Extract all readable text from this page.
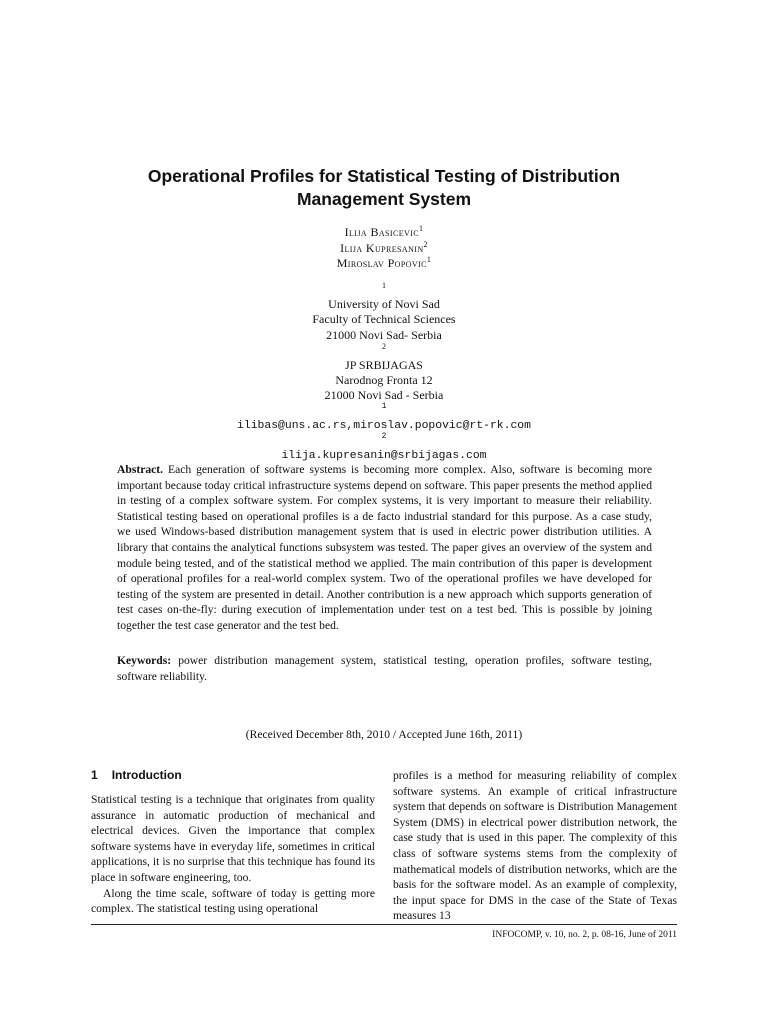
Operational Profiles for Statistical Testing of Distribution Management System
Ilija Basicevic$^1$
Ilija Kupresanin$^2$
Miroslav Popovic$^1$
$^1$
University of Novi Sad
Faculty of Technical Sciences
21000 Novi Sad- Serbia
$^2$
JP SRBIJAGAS
Narodnog Fronta 12
21000 Novi Sad - Serbia
$^1$
ilibas@uns.ac.rs,miroslav.popovic@rt-rk.com
$^2$
ilija.kupresanin@srbijagas.com

Abstract. Each generation of software systems is becoming more complex. Also, software is becoming more important because today critical infrastructure systems depend on software. This paper presents the method applied in testing of a complex software system. For complex systems, it is very important to measure their reliability. Statistical testing based on operational profiles is a de facto industrial standard for this purpose. As a case study, we used Windows-based distribution management system that is used in electric power distribution utilities. A library that contains the analytical functions subsystem was tested. The paper gives an overview of the system and module being tested, and of the statistical method we applied. The main contribution of this paper is development of operational profiles for a real-world complex system. Two of the operational profiles we have developed for testing of the system are presented in detail. Another contribution is a new approach which supports generation of test cases on-the-fly: during execution of implementation under test on a test bed. This is possible by joining together the test case generator and the test bed.

Keywords: power distribution management system, statistical testing, operation profiles, software testing, software reliability.

(Received December 8th, 2010 / Accepted June 16th, 2011)

1 Introduction

Statistical testing is a technique that originates from quality assurance in automatic production of mechanical and electrical devices. Given the importance that complex software systems have in everyday life, sometimes in critical applications, it is no surprise that this technique has found its place in software engineering, too.

Along the time scale, software of today is getting more complex. The statistical testing using operational

profiles is a method for measuring reliability of complex software systems. An example of critical infrastructure system that depends on software is Distribution Management System (DMS) in electrical power distribution network, the case study that is used in this paper. The complexity of this class of software systems stems from the complexity of mathematical models of distribution networks, which are the basis for the software model. As an example of complexity, the input space for DMS in the case of the State of Texas measures 13

INFOCOMP, v. 10, no. 2, p. 08-16, June of 2011
